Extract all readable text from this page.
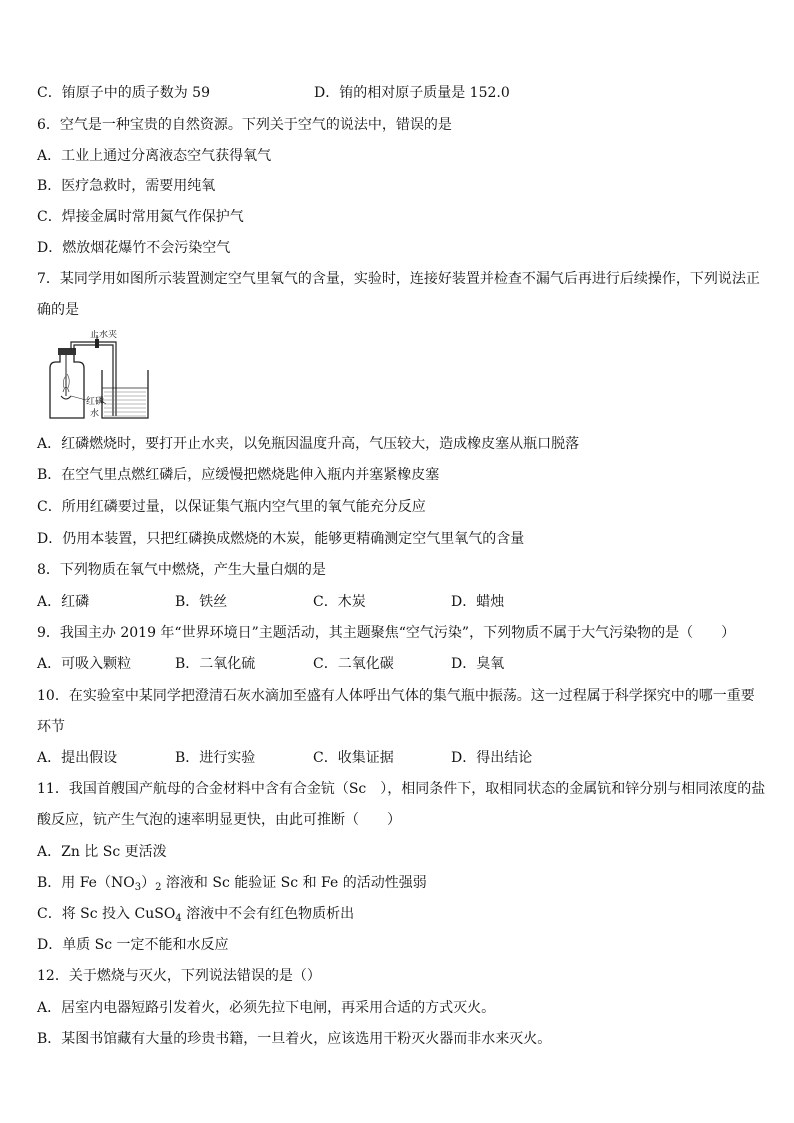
C．铕原子中的质子数为 59	D．铕的相对原子质量是 152.0
6．空气是一种宝贵的自然资源。下列关于空气的说法中，错误的是
A．工业上通过分离液态空气获得氧气
B．医疗急救时，需要用纯氧
C．焊接金属时常用氮气作保护气
D．燃放烟花爆竹不会污染空气
7．某同学用如图所示装置测定空气里氧气的含量，实验时，连接好装置并检查不漏气后再进行后续操作，下列说法正
确的是
止水夹
红磷
水
A．红磷燃烧时，要打开止水夹，以免瓶因温度升高，气压较大，造成橡皮塞从瓶口脱落
B．在空气里点燃红磷后，应缓慢把燃烧匙伸入瓶内并塞紧橡皮塞
C．所用红磷要过量，以保证集气瓶内空气里的氧气能充分反应
D．仍用本装置，只把红磷换成燃烧的木炭，能够更精确测定空气里氧气的含量
8．下列物质在氧气中燃烧，产生大量白烟的是
A．红磷	B．铁丝	C．木炭	D．蜡烛
9．我国主办 2019 年“世界环境日”主题活动，其主题聚焦“空气污染”，下列物质不属于大气污染物的是（　　）
A．可吸入颗粒	B．二氧化硫	C．二氧化碳	D．臭氧
10．在实验室中某同学把澄清石灰水滴加至盛有人体呼出气体的集气瓶中振荡。这一过程属于科学探究中的哪一重要
环节
A．提出假设	B．进行实验	C．收集证据	D．得出结论
11．我国首艘国产航母的合金材料中含有合金钪（Sc　），相同条件下，取相同状态的金属钪和锌分别与相同浓度的盐
酸反应，钪产生气泡的速率明显更快，由此可推断（　　）
A．Zn 比 Sc 更活泼
B．用 $Fe(NO_3)_2$ 溶液和 Sc 能验证 Sc 和 Fe 的活动性强弱
C．将 Sc 投入 CuSO$_4$ 溶液中不会有红色物质析出
D．单质 Sc 一定不能和水反应
12．关于燃烧与灭火，下列说法错误的是（）
A．居室内电器短路引发着火，必须先拉下电闸，再采用合适的方式灭火。
B．某图书馆藏有大量的珍贵书籍，一旦着火，应该选用干粉灭火器而非水来灭火。
